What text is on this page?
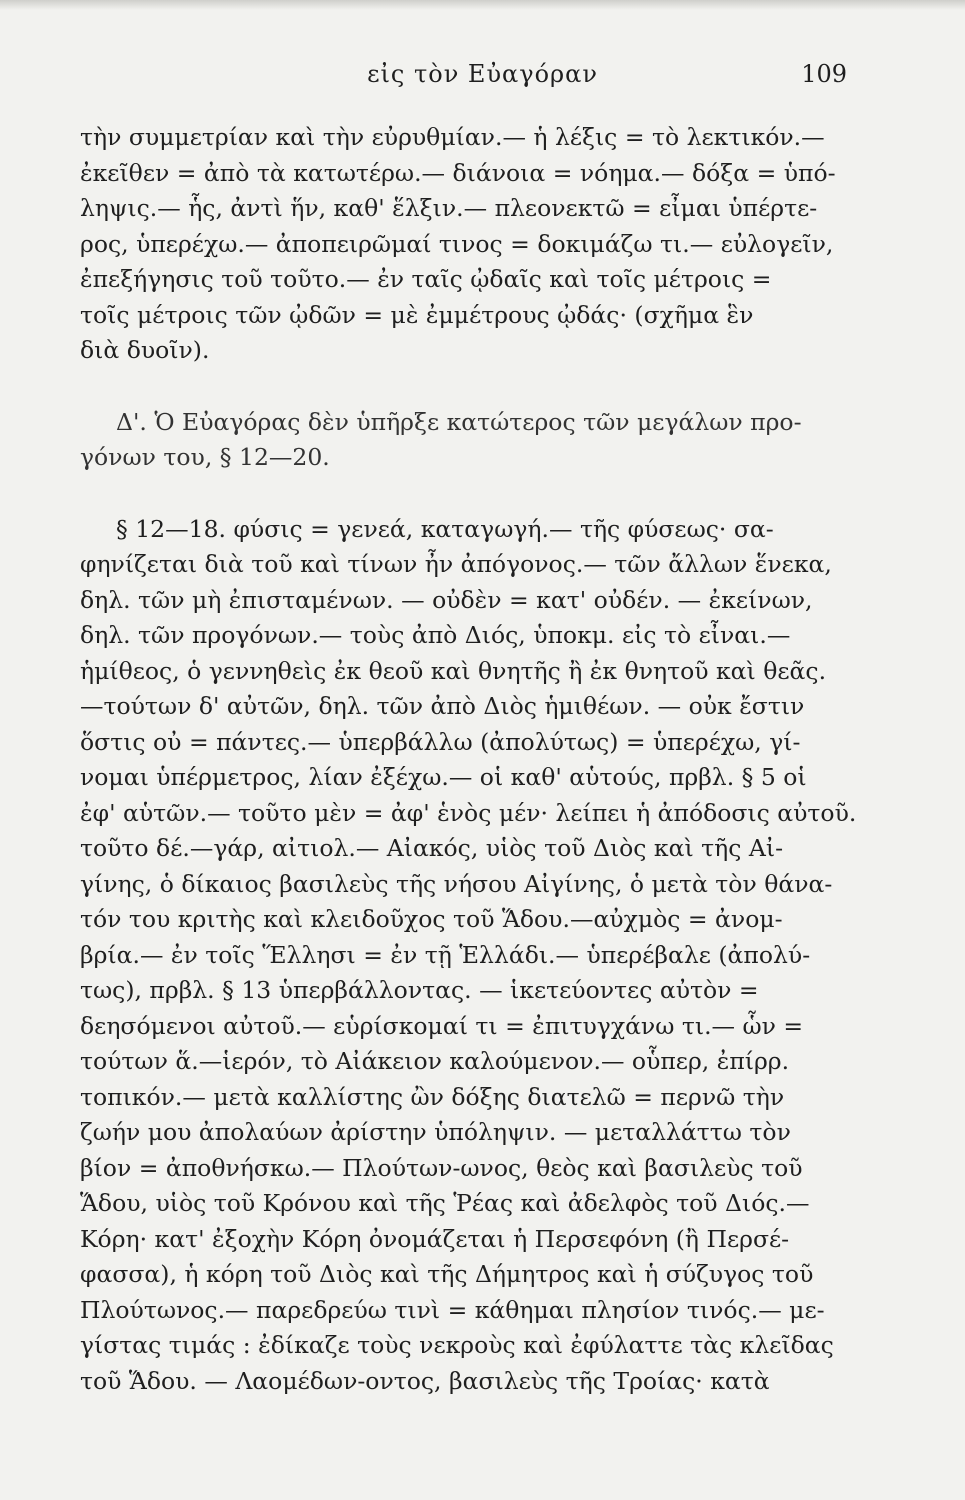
εἰς τὸν Εὐαγόραν	109

τὴν συμμετρίαν καὶ τὴν εὐρυθμίαν.— ἡ λέξις = τὸ λεκτικόν.—
ἐκεῖθεν = ἀπὸ τὰ κατωτέρω.— διάνοια = νόημα.— δόξα = ὑπό-
ληψις.— ἧς, ἀντὶ ἥν, καθ' ἕλξιν.— πλεονεκτῶ = εἶμαι ὑπέρτε-
ρος, ὑπερέχω.— ἀποπειρῶμαί τινος = δοκιμάζω τι.— εὐλογεῖν,
ἐπεξήγησις τοῦ τοῦτο.— ἐν ταῖς ᾠδαῖς καὶ τοῖς μέτροις =
τοῖς μέτροις τῶν ᾠδῶν = μὲ ἐμμέτρους ᾠδάς· (σχῆμα ἓν
διὰ δυοῖν).

Δ'. Ὁ Εὐαγόρας δὲν ὑπῆρξε κατώτερος τῶν μεγάλων προ-
γόνων του, § 12—20.

§ 12—18. φύσις = γενεά, καταγωγή.— τῆς φύσεως· σα-
φηνίζεται διὰ τοῦ καὶ τίνων ἦν ἀπόγονος.— τῶν ἄλλων ἕνεκα,
δηλ. τῶν μὴ ἐπισταμένων. — οὐδὲν = κατ' οὐδέν. — ἐκείνων,
δηλ. τῶν προγόνων.— τοὺς ἀπὸ Διός, ὑποκμ. εἰς τὸ εἶναι.—
ἡμίθεος, ὁ γεννηθεὶς ἐκ θεοῦ καὶ θνητῆς ἢ ἐκ θνητοῦ καὶ θεᾶς.
—τούτων δ' αὐτῶν, δηλ. τῶν ἀπὸ Διὸς ἡμιθέων. — οὐκ ἔστιν
ὅστις οὐ = πάντες.— ὑπερβάλλω (ἀπολύτως) = ὑπερέχω, γί-
νομαι ὑπέρμετρος, λίαν ἐξέχω.— οἱ καθ' αὑτούς, πρβλ. § 5 οἱ
ἐφ' αὑτῶν.— τοῦτο μὲν = ἀφ' ἑνὸς μέν· λείπει ἡ ἀπόδοσις αὐτοῦ.
τοῦτο δέ.—γάρ, αἰτιολ.— Αἰακός, υἱὸς τοῦ Διὸς καὶ τῆς Αἰ-
γίνης, ὁ δίκαιος βασιλεὺς τῆς νήσου Αἰγίνης, ὁ μετὰ τὸν θάνα-
τόν του κριτὴς καὶ κλειδοῦχος τοῦ Ἅδου.—αὐχμὸς = ἀνομ-
βρία.— ἐν τοῖς Ἕλλησι = ἐν τῇ Ἑλλάδι.— ὑπερέβαλε (ἀπολύ-
τως), πρβλ. § 13 ὑπερβάλλοντας. — ἱκετεύοντες αὐτὸν =
δεησόμενοι αὐτοῦ.— εὑρίσκομαί τι = ἐπιτυγχάνω τι.— ὧν =
τούτων ἅ.—ἱερόν, τὸ Αἰάκειον καλούμενον.— οὗπερ, ἐπίρρ.
τοπικόν.— μετὰ καλλίστης ὢν δόξης διατελῶ = περνῶ τὴν
ζωήν μου ἀπολαύων ἀρίστην ὑπόληψιν. — μεταλλάττω τὸν
βίον = ἀποθνήσκω.— Πλούτων-ωνος, θεὸς καὶ βασιλεὺς τοῦ
Ἅδου, υἱὸς τοῦ Κρόνου καὶ τῆς Ῥέας καὶ ἀδελφὸς τοῦ Διός.—
Κόρη· κατ' ἐξοχὴν Κόρη ὀνομάζεται ἡ Περσεφόνη (ἢ Περσέ-
φασσα), ἡ κόρη τοῦ Διὸς καὶ τῆς Δήμητρος καὶ ἡ σύζυγος τοῦ
Πλούτωνος.— παρεδρεύω τινὶ = κάθημαι πλησίον τινός.— με-
γίστας τιμάς : ἐδίκαζε τοὺς νεκροὺς καὶ ἐφύλαττε τὰς κλεῖδας
τοῦ Ἅδου. — Λαομέδων-οντος, βασιλεὺς τῆς Τροίας· κατὰ
